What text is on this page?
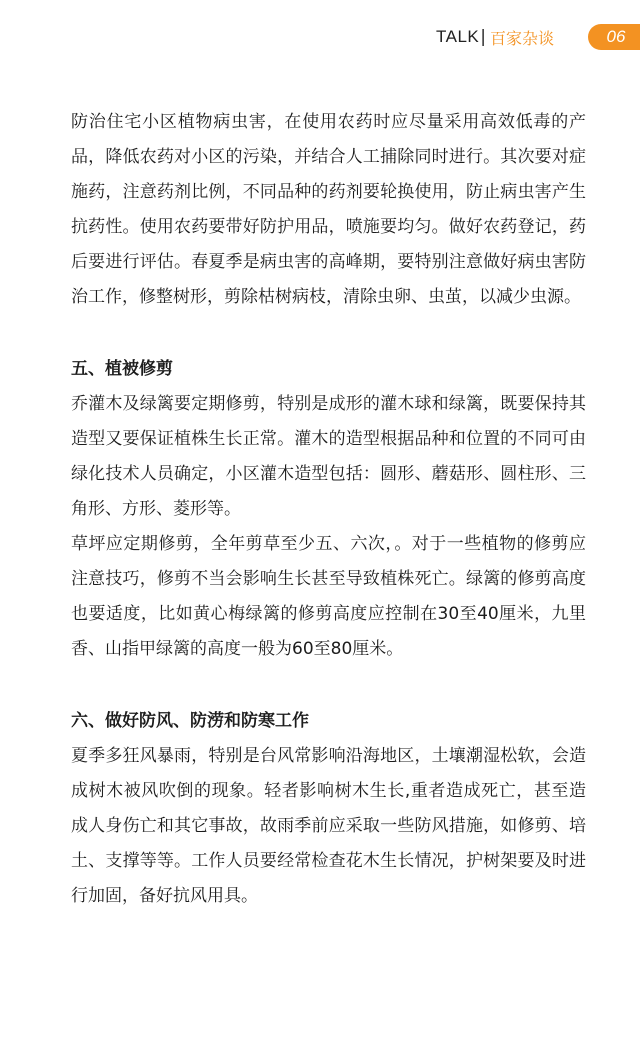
TALK | 百家杂谈	06

防治住宅小区植物病虫害，在使用农药时应尽量采用高效低毒的产品，降低农药对小区的污染，并结合人工捕除同时进行。其次要对症施药，注意药剂比例，不同品种的药剂要轮换使用，防止病虫害产生抗药性。使用农药要带好防护用品，喷施要均匀。做好农药登记，药后要进行评估。春夏季是病虫害的高峰期，要特别注意做好病虫害防治工作，修整树形，剪除枯树病枝，清除虫卵、虫茧，以减少虫源。

五、植被修剪

乔灌木及绿篱要定期修剪，特别是成形的灌木球和绿篱，既要保持其造型又要保证植株生长正常。灌木的造型根据品种和位置的不同可由绿化技术人员确定，小区灌木造型包括：圆形、蘑菇形、圆柱形、三角形、方形、菱形等。

草坪应定期修剪，全年剪草至少五、六次，。对于一些植物的修剪应注意技巧，修剪不当会影响生长甚至导致植株死亡。绿篱的修剪高度也要适度，比如黄心梅绿篱的修剪高度应控制在30至40厘米，九里香、山指甲绿篱的高度一般为60至80厘米。

六、做好防风、防涝和防寒工作

夏季多狂风暴雨，特别是台风常影响沿海地区，土壤潮湿松软，会造成树木被风吹倒的现象。轻者影响树木生长,重者造成死亡，甚至造成人身伤亡和其它事故，故雨季前应采取一些防风措施，如修剪、培土、支撑等等。工作人员要经常检查花木生长情况，护树架要及时进行加固，备好抗风用具。
